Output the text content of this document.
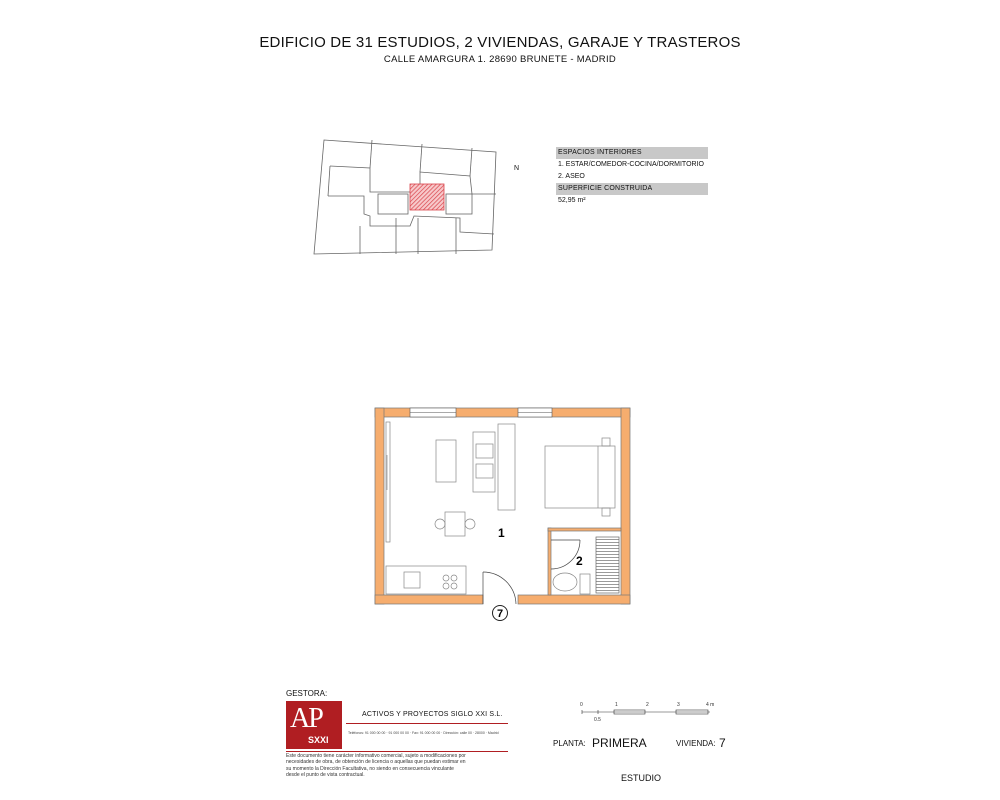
EDIFICIO DE 31 ESTUDIOS, 2 VIVIENDAS, GARAJE Y TRASTEROS
CALLE AMARGURA 1. 28690 BRUNETE - MADRID
N
ESPACIOS INTERIORES
1. ESTAR/COMEDOR-COCINA/DORMITORIO
2. ASEO
SUPERFICIE CONSTRUIDA
52,95 m²
1
2
7
GESTORA:
AP
SXXI
ACTIVOS Y PROYECTOS SIGLO XXI S.L.
Teléfonos: 91 000 00 00 · 91 000 00 00 · Fax: 91 000 00 00 · Dirección: calle 00 · 28000 · Madrid
Este documento tiene carácter informativo comercial, sujeto a modificaciones por necesidades de obra, de obtención de licencia o aquellas que puedan estimar en su momento la Dirección Facultativa, no siendo en consecuencia vinculante desde el punto de vista contractual.
0	1	2	3	4 m
0.5
PLANTA: PRIMERA	VIVIENDA: 7
ESTUDIO
